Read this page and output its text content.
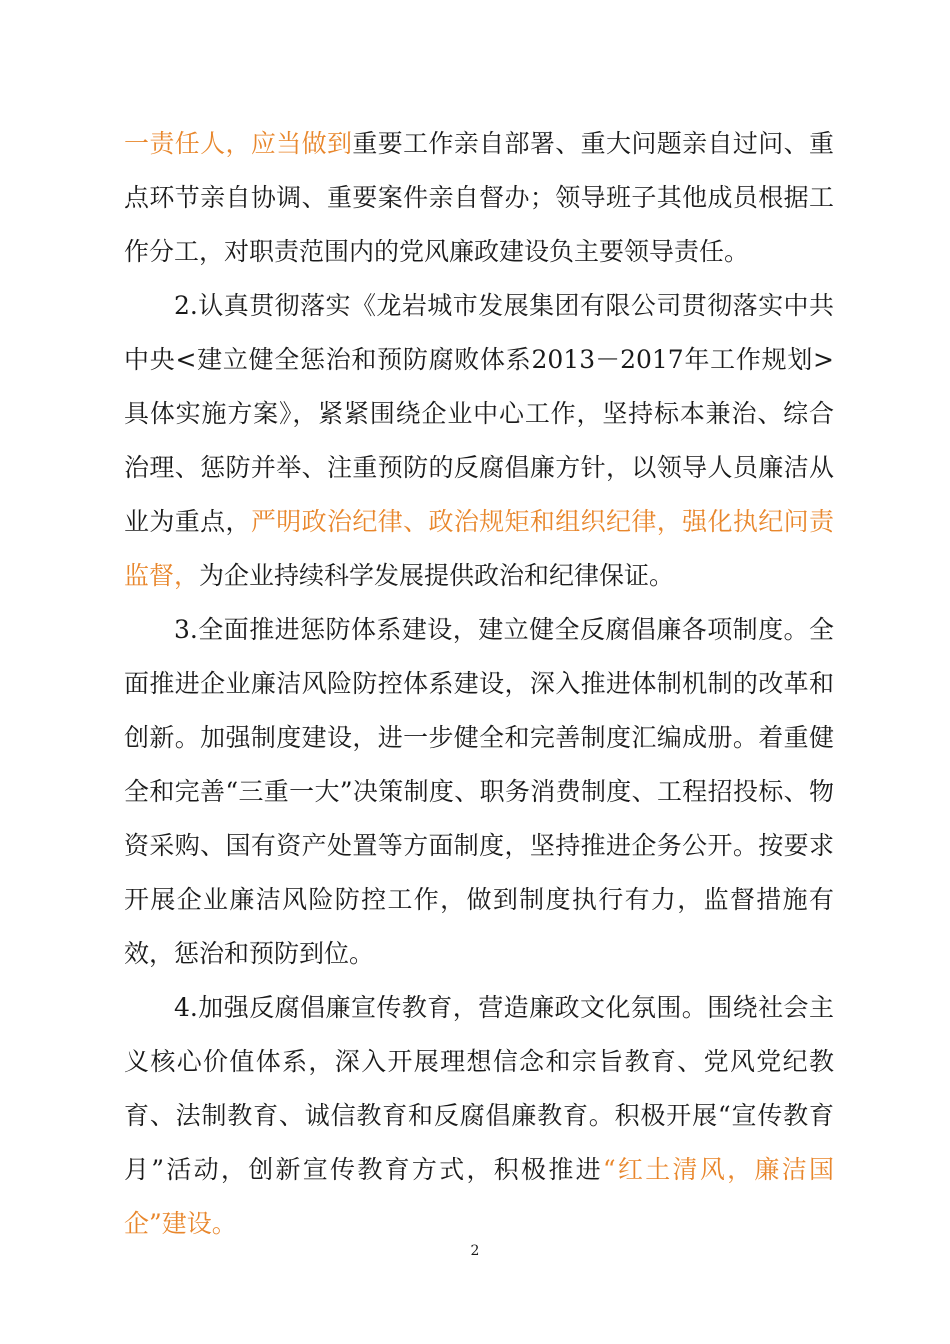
一责任人，应当做到重要工作亲自部署、重大问题亲自过问、重点环节亲自协调、重要案件亲自督办；领导班子其他成员根据工作分工，对职责范围内的党风廉政建设负主要领导责任。

2.认真贯彻落实《龙岩城市发展集团有限公司贯彻落实中共中央<建立健全惩治和预防腐败体系2013－2017年工作规划>具体实施方案》，紧紧围绕企业中心工作，坚持标本兼治、综合治理、惩防并举、注重预防的反腐倡廉方针，以领导人员廉洁从业为重点，严明政治纪律、政治规矩和组织纪律，强化执纪问责监督，为企业持续科学发展提供政治和纪律保证。

3.全面推进惩防体系建设，建立健全反腐倡廉各项制度。全面推进企业廉洁风险防控体系建设，深入推进体制机制的改革和创新。加强制度建设，进一步健全和完善制度汇编成册。着重健全和完善“三重一大”决策制度、职务消费制度、工程招投标、物资采购、国有资产处置等方面制度，坚持推进企务公开。按要求开展企业廉洁风险防控工作，做到制度执行有力，监督措施有效，惩治和预防到位。

4.加强反腐倡廉宣传教育，营造廉政文化氛围。围绕社会主义核心价值体系，深入开展理想信念和宗旨教育、党风党纪教育、法制教育、诚信教育和反腐倡廉教育。积极开展“宣传教育月”活动，创新宣传教育方式，积极推进“红土清风，廉洁国企”建设。

2
